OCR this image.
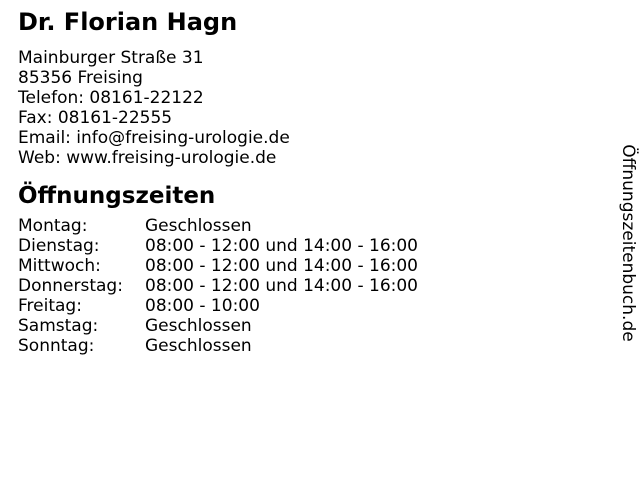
Dr. Florian Hagn
Mainburger Straße 31
85356 Freising
Telefon: 08161-22122
Fax: 08161-22555
Email: info@freising-urologie.de
Web: www.freising-urologie.de
Öffnungszeiten
Montag:	Geschlossen
Dienstag:	08:00 - 12:00 und 14:00 - 16:00
Mittwoch:	08:00 - 12:00 und 14:00 - 16:00
Donnerstag:	08:00 - 12:00 und 14:00 - 16:00
Freitag:	08:00 - 10:00
Samstag:	Geschlossen
Sonntag:	Geschlossen
Öffnungszeitenbuch.de
